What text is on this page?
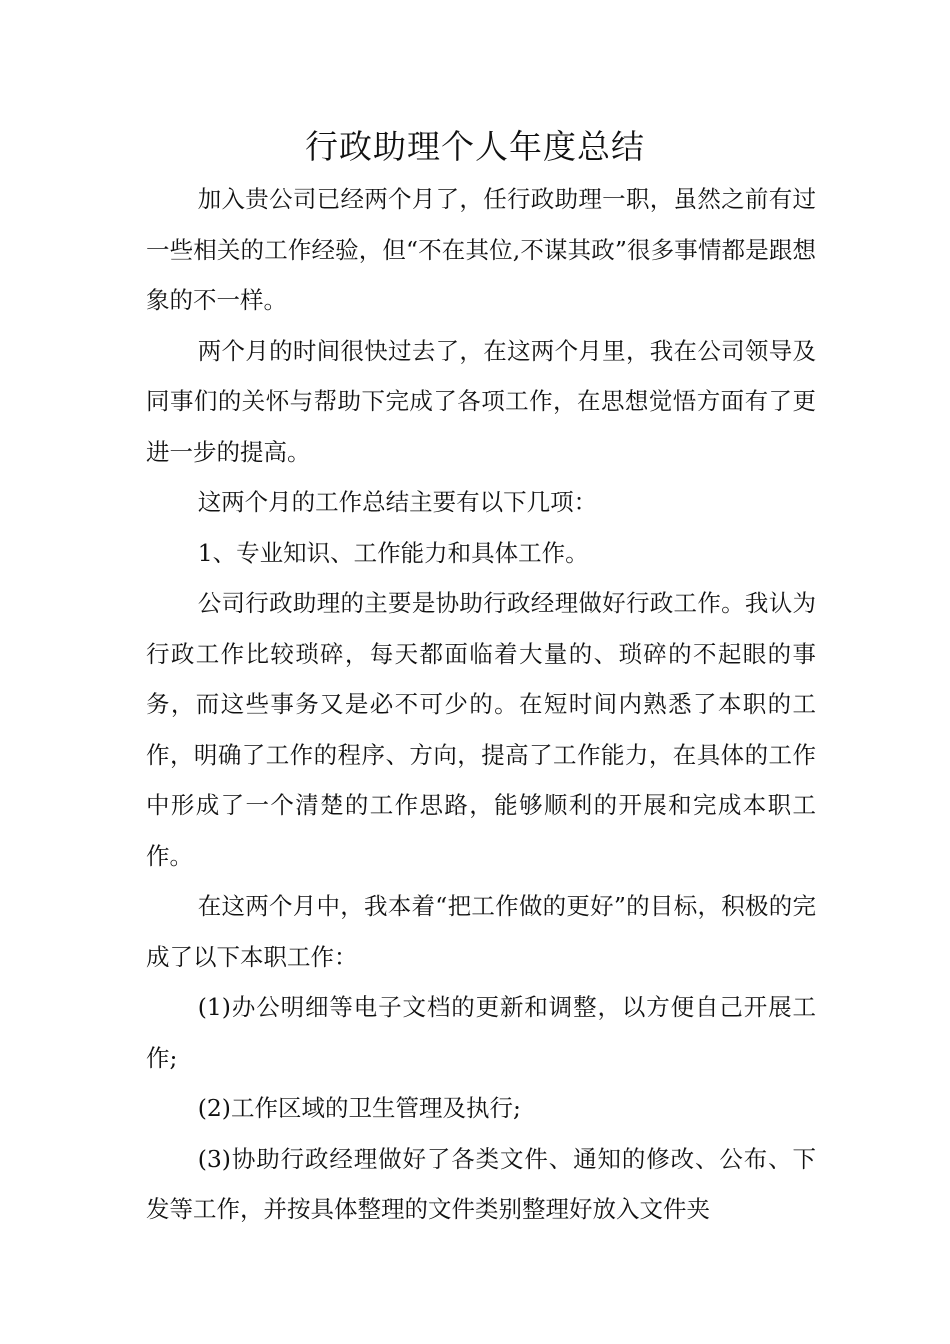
行政助理个人年度总结

加入贵公司已经两个月了，任行政助理一职，虽然之前有过一些相关的工作经验，但“不在其位,不谋其政”很多事情都是跟想象的不一样。

两个月的时间很快过去了，在这两个月里，我在公司领导及同事们的关怀与帮助下完成了各项工作，在思想觉悟方面有了更进一步的提高。

这两个月的工作总结主要有以下几项：

1、专业知识、工作能力和具体工作。

公司行政助理的主要是协助行政经理做好行政工作。我认为行政工作比较琐碎，每天都面临着大量的、琐碎的不起眼的事务，而这些事务又是必不可少的。在短时间内熟悉了本职的工作，明确了工作的程序、方向，提高了工作能力，在具体的工作中形成了一个清楚的工作思路，能够顺利的开展和完成本职工作。

在这两个月中，我本着“把工作做的更好”的目标，积极的完成了以下本职工作：

(1)办公明细等电子文档的更新和调整，以方便自己开展工作;

(2)工作区域的卫生管理及执行;

(3)协助行政经理做好了各类文件、通知的修改、公布、下发等工作，并按具体整理的文件类别整理好放入文件夹
